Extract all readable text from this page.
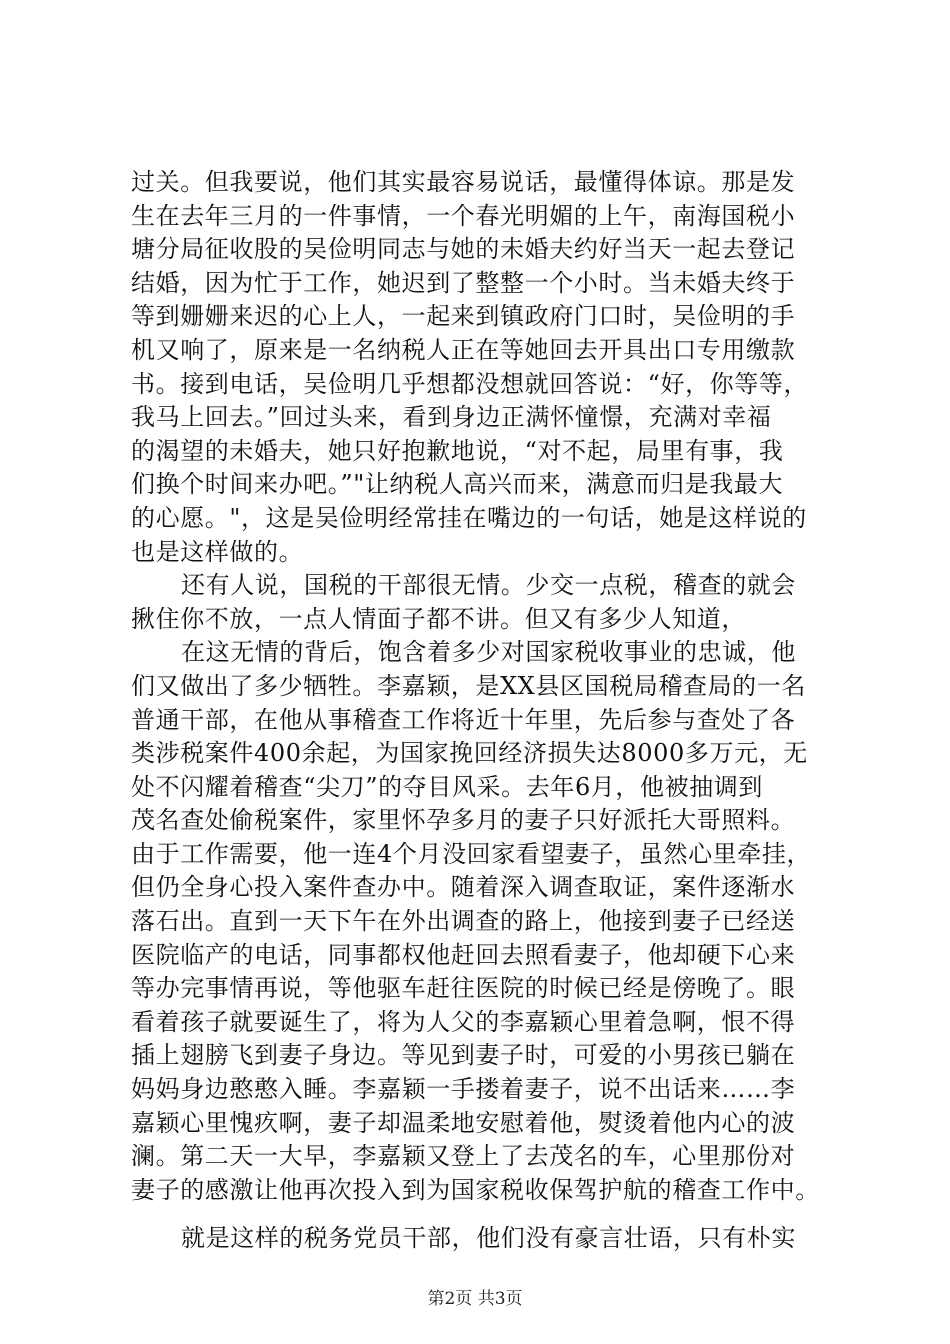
过关。但我要说，他们其实最容易说话，最懂得体谅。那是发
生在去年三月的一件事情，一个春光明媚的上午，南海国税小
塘分局征收股的吴俭明同志与她的未婚夫约好当天一起去登记
结婚，因为忙于工作，她迟到了整整一个小时。当未婚夫终于
等到姗姗来迟的心上人，一起来到镇政府门口时，吴俭明的手
机又响了，原来是一名纳税人正在等她回去开具出口专用缴款
书。接到电话，吴俭明几乎想都没想就回答说：“好，你等等，
我马上回去。”回过头来，看到身边正满怀憧憬，充满对幸福
的渴望的未婚夫，她只好抱歉地说，“对不起，局里有事，我
们换个时间来办吧。”"让纳税人高兴而来，满意而归是我最大
的心愿。"，这是吴俭明经常挂在嘴边的一句话，她是这样说的
也是这样做的。
还有人说，国税的干部很无情。少交一点税，稽查的就会
揪住你不放，一点人情面子都不讲。但又有多少人知道，
在这无情的背后，饱含着多少对国家税收事业的忠诚，他
们又做出了多少牺牲。李嘉颖，是XX县区国税局稽查局的一名
普通干部，在他从事稽查工作将近十年里，先后参与查处了各
类涉税案件400余起，为国家挽回经济损失达8000多万元，无
处不闪耀着稽查“尖刀”的夺目风采。去年6月，他被抽调到
茂名查处偷税案件，家里怀孕多月的妻子只好派托大哥照料。
由于工作需要，他一连4个月没回家看望妻子，虽然心里牵挂，
但仍全身心投入案件查办中。随着深入调查取证，案件逐渐水
落石出。直到一天下午在外出调查的路上，他接到妻子已经送
医院临产的电话，同事都权他赶回去照看妻子，他却硬下心来
等办完事情再说，等他驱车赶往医院的时候已经是傍晚了。眼
看着孩子就要诞生了，将为人父的李嘉颖心里着急啊，恨不得
插上翅膀飞到妻子身边。等见到妻子时，可爱的小男孩已躺在
妈妈身边憨憨入睡。李嘉颖一手搂着妻子，说不出话来……李
嘉颖心里愧疚啊，妻子却温柔地安慰着他，熨烫着他内心的波
澜。第二天一大早，李嘉颖又登上了去茂名的车，心里那份对
妻子的感激让他再次投入到为国家税收保驾护航的稽查工作中。
就是这样的税务党员干部，他们没有豪言壮语，只有朴实
第2页 共3页
